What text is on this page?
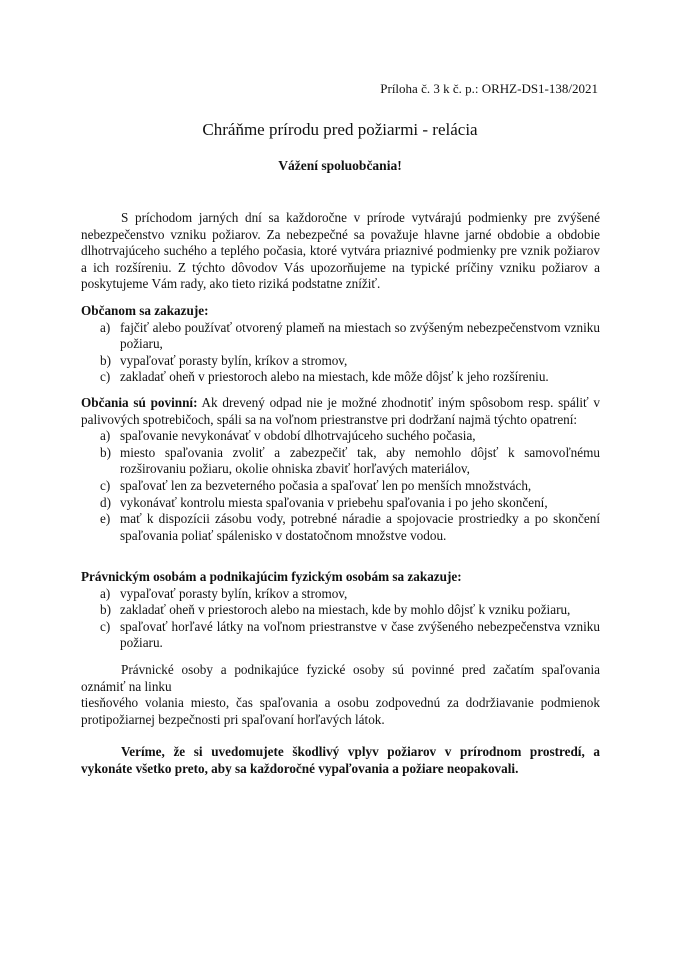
Príloha č. 3 k č. p.: ORHZ-DS1-138/2021
Chráňme prírodu pred požiarmi - relácia
Vážení spoluobčania!

S príchodom jarných dní sa každoročne v prírode vytvárajú podmienky pre zvýšené nebezpečenstvo vzniku požiarov. Za nebezpečné sa považuje hlavne jarné obdobie a obdobie dlhotrvajúceho suchého a teplého počasia, ktoré vytvára priaznivé podmienky pre vznik požiarov a ich rozšíreniu. Z týchto dôvodov Vás upozorňujeme na typické príčiny vzniku požiarov a poskytujeme Vám rady, ako tieto riziká podstatne znížiť.

Občanom sa zakazuje:

a) fajčiť alebo používať otvorený plameň na miestach so zvýšeným nebezpečenstvom vzniku požiaru,
b) vypaľovať porasty bylín, kríkov a stromov,
c) zakladať oheň v priestoroch alebo na miestach, kde môže dôjsť k jeho rozšíreniu.

Občania sú povinní: Ak drevený odpad nie je možné zhodnotiť iným spôsobom resp. spáliť v palivových spotrebičoch, spáli sa na voľnom priestranstve pri dodržaní najmä týchto opatrení:

a) spaľovanie nevykonávať v období dlhotrvajúceho suchého počasia,
b) miesto spaľovania zvoliť a zabezpečiť tak, aby nemohlo dôjsť k samovoľnému rozširovaniu požiaru, okolie ohniska zbaviť horľavých materiálov,
c) spaľovať len za bezveterného počasia a spaľovať len po menších množstvách,
d) vykonávať kontrolu miesta spaľovania v priebehu spaľovania i po jeho skončení,
e) mať k dispozícii zásobu vody, potrebné náradie a spojovacie prostriedky a po skončení spaľovania poliať spálenisko v dostatočnom množstve vodou.

Právnickým osobám a podnikajúcim fyzickým osobám sa zakazuje:

a) vypaľovať porasty bylín, kríkov a stromov,
b) zakladať oheň v priestoroch alebo na miestach, kde by mohlo dôjsť k vzniku požiaru,
c) spaľovať horľavé látky na voľnom priestranstve v čase zvýšeného nebezpečenstva vzniku požiaru.

Právnické osoby a podnikajúce fyzické osoby sú povinné pred začatím spaľovania oznámiť na linku

tiesňového volania miesto, čas spaľovania a osobu zodpovednú za dodržiavanie podmienok protipožiarnej bezpečnosti pri spaľovaní horľavých látok.

Veríme, že si uvedomujete škodlivý vplyv požiarov v prírodnom prostredí, a vykonáte všetko preto, aby sa každoročné vypaľovania a požiare neopakovali.
